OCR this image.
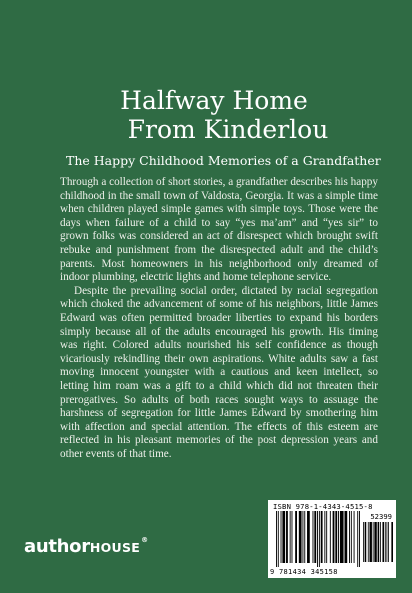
Halfway Home
From Kinderlou
The Happy Childhood Memories of a Grandfather

Through a collection of short stories, a grandfather describes his happy childhood in the small town of Valdosta, Georgia. It was a simple time when children played simple games with simple toys. Those were the days when failure of a child to say “yes ma’am” and “yes sir” to grown folks was considered an act of disrespect which brought swift rebuke and punishment from the disrespected adult and the child’s parents. Most homeowners in his neighborhood only dreamed of indoor plumbing, electric lights and home telephone service.

Despite the prevailing social order, dictated by racial segregation which choked the advancement of some of his neighbors, little James Edward was often permitted broader liberties to expand his borders simply because all of the adults encouraged his growth. His timing was right. Colored adults nourished his self confidence as though vicariously rekindling their own aspirations. White adults saw a fast moving innocent youngster with a cautious and keen intellect, so letting him roam was a gift to a child which did not threaten their prerogatives. So adults of both races sought ways to assuage the harshness of segregation for little James Edward by smothering him with affection and special attention. The effects of this esteem are reflected in his pleasant memories of the post depression years and other events of that time.

authorHOUSE®
ISBN 978-1-4343-4515-8
52399
9 781434 345158
